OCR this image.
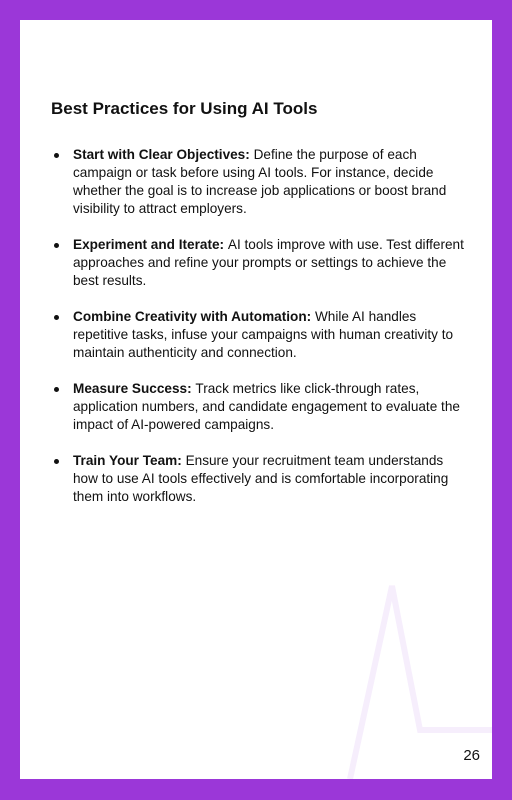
Best Practices for Using AI Tools
Start with Clear Objectives: Define the purpose of each campaign or task before using AI tools. For instance, decide whether the goal is to increase job applications or boost brand visibility to attract employers.
Experiment and Iterate: AI tools improve with use. Test different approaches and refine your prompts or settings to achieve the best results.
Combine Creativity with Automation: While AI handles repetitive tasks, infuse your campaigns with human creativity to maintain authenticity and connection.
Measure Success: Track metrics like click-through rates, application numbers, and candidate engagement to evaluate the impact of AI-powered campaigns.
Train Your Team: Ensure your recruitment team understands how to use AI tools effectively and is comfortable incorporating them into workflows.
26
